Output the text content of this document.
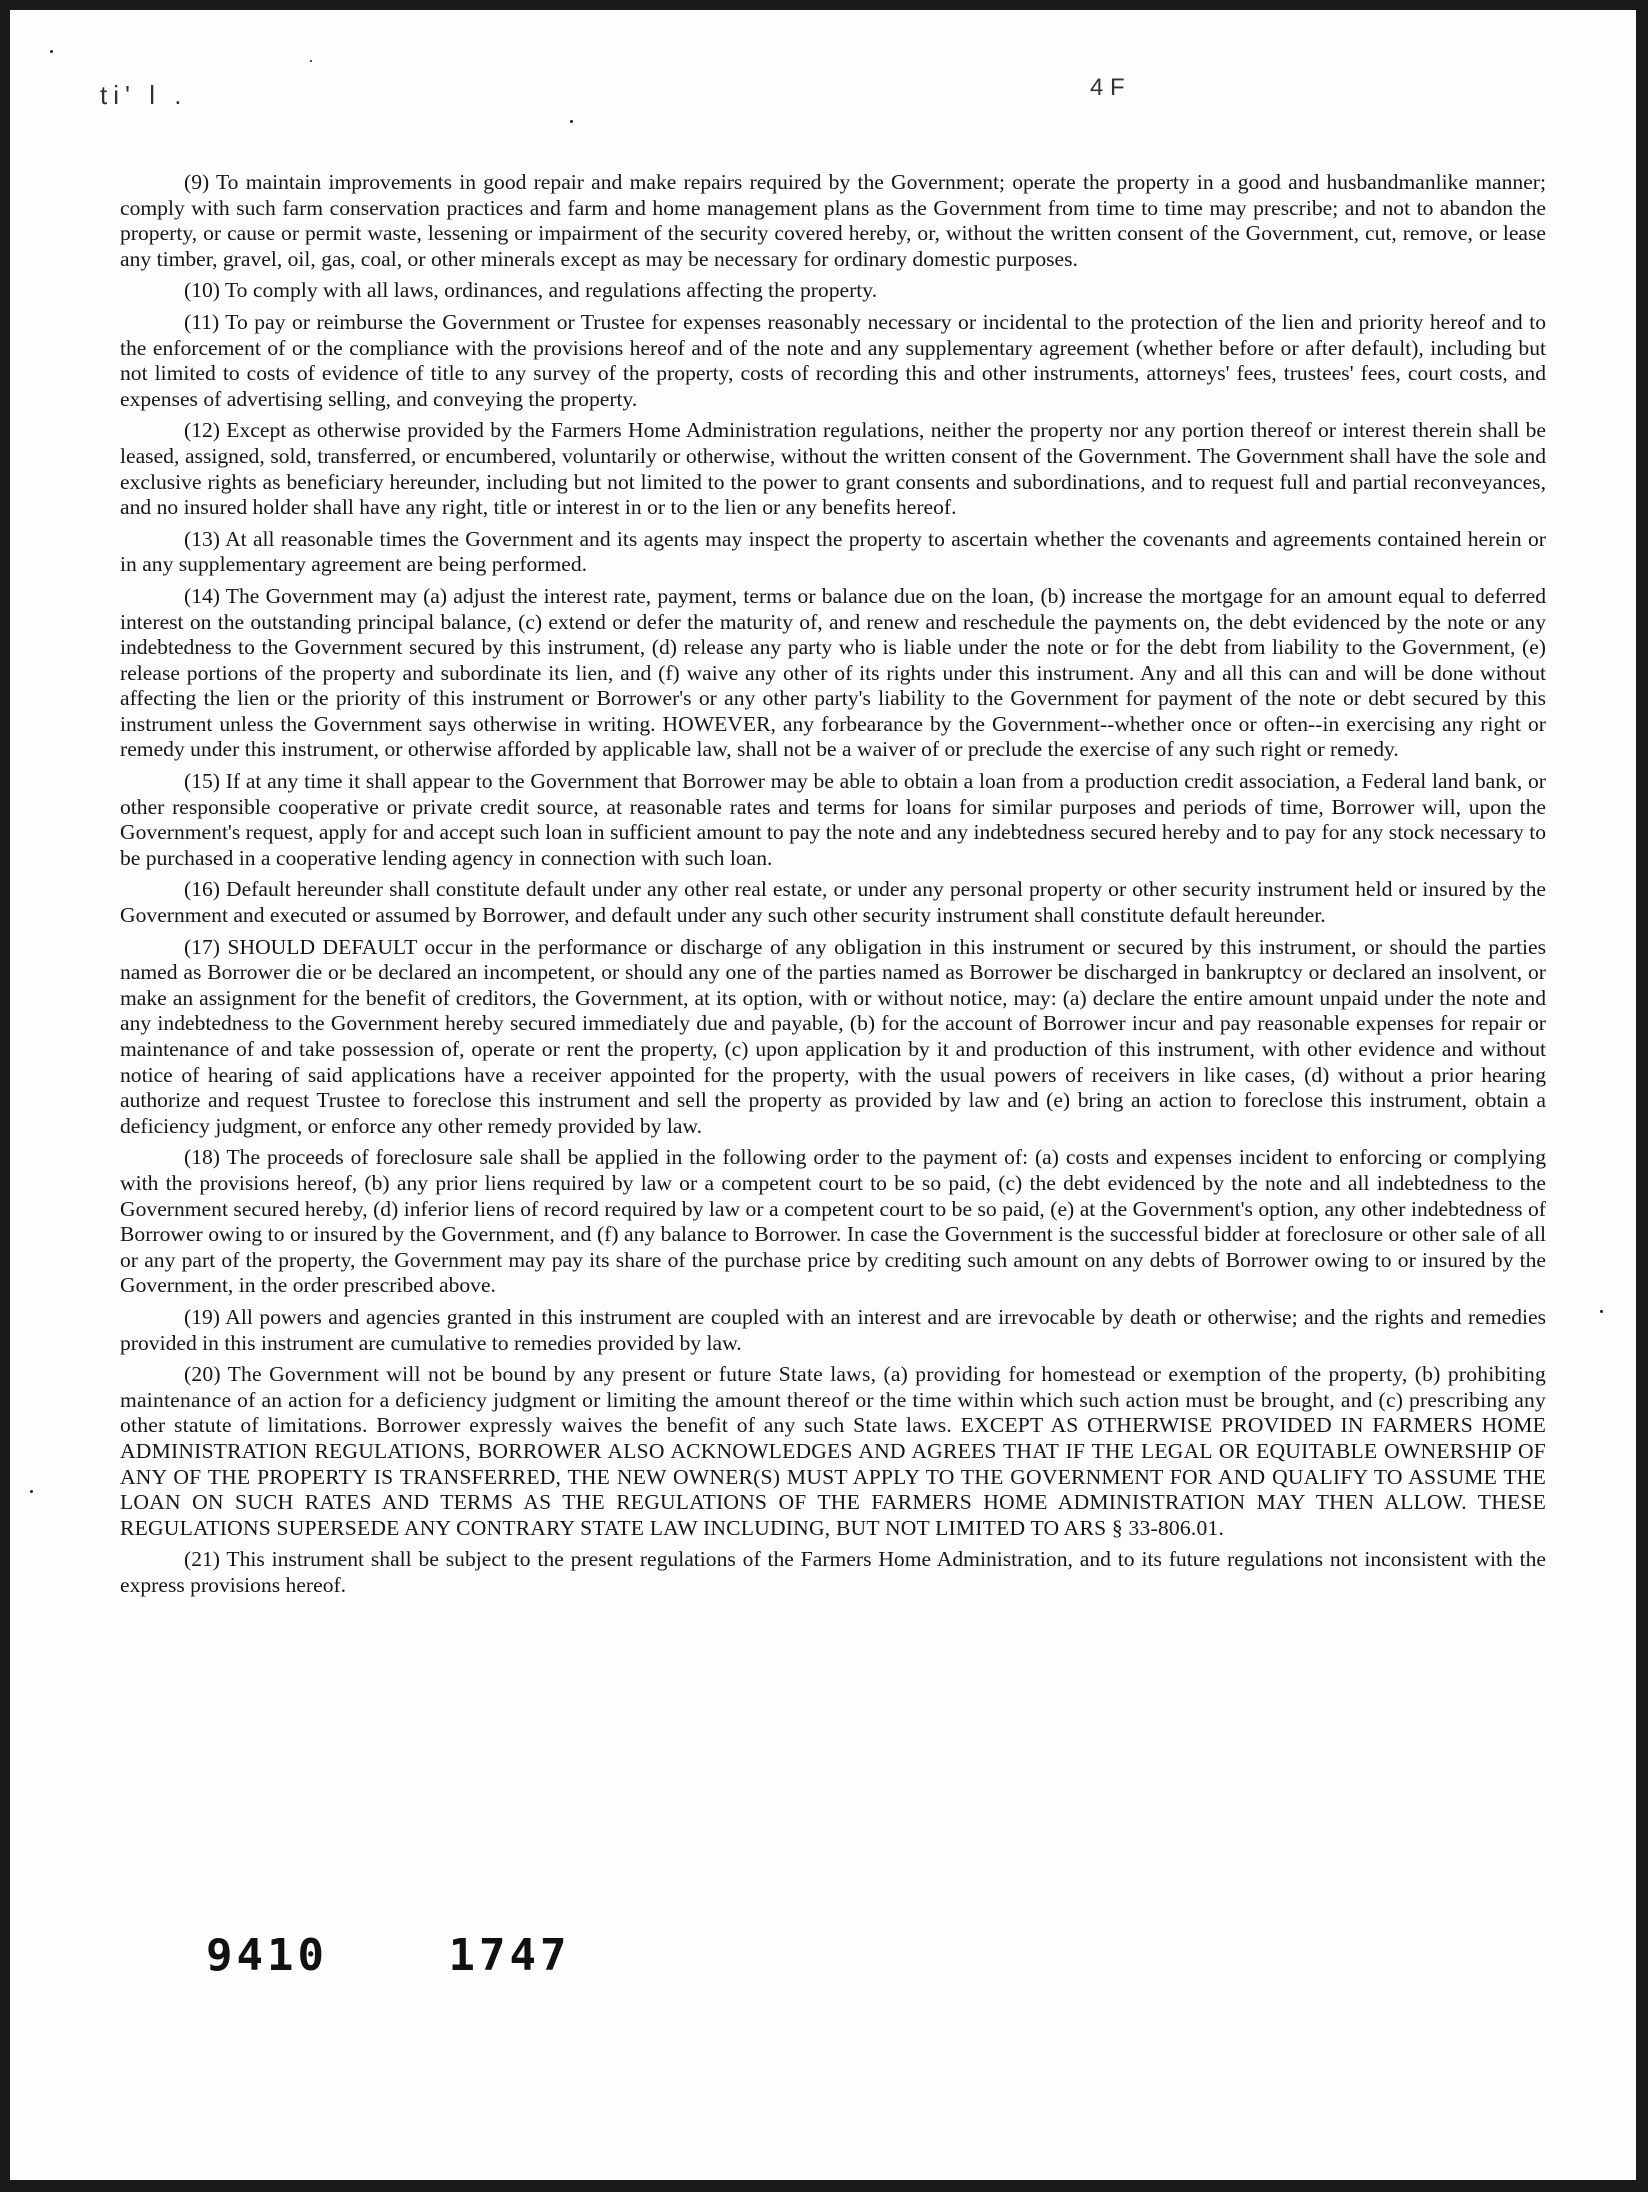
ti' l .	4 F

(9) To maintain improvements in good repair and make repairs required by the Government; operate the property in a good and husbandmanlike manner; comply with such farm conservation practices and farm and home management plans as the Government from time to time may prescribe; and not to abandon the property, or cause or permit waste, lessening or impairment of the security covered hereby, or, without the written consent of the Government, cut, remove, or lease any timber, gravel, oil, gas, coal, or other minerals except as may be necessary for ordinary domestic purposes.

(10) To comply with all laws, ordinances, and regulations affecting the property.

(11) To pay or reimburse the Government or Trustee for expenses reasonably necessary or incidental to the protection of the lien and priority hereof and to the enforcement of or the compliance with the provisions hereof and of the note and any supplementary agreement (whether before or after default), including but not limited to costs of evidence of title to any survey of the property, costs of recording this and other instruments, attorneys' fees, trustees' fees, court costs, and expenses of advertising selling, and conveying the property.

(12) Except as otherwise provided by the Farmers Home Administration regulations, neither the property nor any portion thereof or interest therein shall be leased, assigned, sold, transferred, or encumbered, voluntarily or otherwise, without the written consent of the Government. The Government shall have the sole and exclusive rights as beneficiary hereunder, including but not limited to the power to grant consents and subordinations, and to request full and partial reconveyances, and no insured holder shall have any right, title or interest in or to the lien or any benefits hereof.

(13) At all reasonable times the Government and its agents may inspect the property to ascertain whether the covenants and agreements contained herein or in any supplementary agreement are being performed.

(14) The Government may (a) adjust the interest rate, payment, terms or balance due on the loan, (b) increase the mortgage for an amount equal to deferred interest on the outstanding principal balance, (c) extend or defer the maturity of, and renew and reschedule the payments on, the debt evidenced by the note or any indebtedness to the Government secured by this instrument, (d) release any party who is liable under the note or for the debt from liability to the Government, (e) release portions of the property and subordinate its lien, and (f) waive any other of its rights under this instrument. Any and all this can and will be done without affecting the lien or the priority of this instrument or Borrower's or any other party's liability to the Government for payment of the note or debt secured by this instrument unless the Government says otherwise in writing. HOWEVER, any forbearance by the Government--whether once or often--in exercising any right or remedy under this instrument, or otherwise afforded by applicable law, shall not be a waiver of or preclude the exercise of any such right or remedy.

(15) If at any time it shall appear to the Government that Borrower may be able to obtain a loan from a production credit association, a Federal land bank, or other responsible cooperative or private credit source, at reasonable rates and terms for loans for similar purposes and periods of time, Borrower will, upon the Government's request, apply for and accept such loan in sufficient amount to pay the note and any indebtedness secured hereby and to pay for any stock necessary to be purchased in a cooperative lending agency in connection with such loan.

(16) Default hereunder shall constitute default under any other real estate, or under any personal property or other security instrument held or insured by the Government and executed or assumed by Borrower, and default under any such other security instrument shall constitute default hereunder.

(17) SHOULD DEFAULT occur in the performance or discharge of any obligation in this instrument or secured by this instrument, or should the parties named as Borrower die or be declared an incompetent, or should any one of the parties named as Borrower be discharged in bankruptcy or declared an insolvent, or make an assignment for the benefit of creditors, the Government, at its option, with or without notice, may: (a) declare the entire amount unpaid under the note and any indebtedness to the Government hereby secured immediately due and payable, (b) for the account of Borrower incur and pay reasonable expenses for repair or maintenance of and take possession of, operate or rent the property, (c) upon application by it and production of this instrument, with other evidence and without notice of hearing of said applications have a receiver appointed for the property, with the usual powers of receivers in like cases, (d) without a prior hearing authorize and request Trustee to foreclose this instrument and sell the property as provided by law and (e) bring an action to foreclose this instrument, obtain a deficiency judgment, or enforce any other remedy provided by law.

(18) The proceeds of foreclosure sale shall be applied in the following order to the payment of: (a) costs and expenses incident to enforcing or complying with the provisions hereof, (b) any prior liens required by law or a competent court to be so paid, (c) the debt evidenced by the note and all indebtedness to the Government secured hereby, (d) inferior liens of record required by law or a competent court to be so paid, (e) at the Government's option, any other indebtedness of Borrower owing to or insured by the Government, and (f) any balance to Borrower. In case the Government is the successful bidder at foreclosure or other sale of all or any part of the property, the Government may pay its share of the purchase price by crediting such amount on any debts of Borrower owing to or insured by the Government, in the order prescribed above.

(19) All powers and agencies granted in this instrument are coupled with an interest and are irrevocable by death or otherwise; and the rights and remedies provided in this instrument are cumulative to remedies provided by law.

(20) The Government will not be bound by any present or future State laws, (a) providing for homestead or exemption of the property, (b) prohibiting maintenance of an action for a deficiency judgment or limiting the amount thereof or the time within which such action must be brought, and (c) prescribing any other statute of limitations. Borrower expressly waives the benefit of any such State laws. EXCEPT AS OTHERWISE PROVIDED IN FARMERS HOME ADMINISTRATION REGULATIONS, BORROWER ALSO ACKNOWLEDGES AND AGREES THAT IF THE LEGAL OR EQUITABLE OWNERSHIP OF ANY OF THE PROPERTY IS TRANSFERRED, THE NEW OWNER(S) MUST APPLY TO THE GOVERNMENT FOR AND QUALIFY TO ASSUME THE LOAN ON SUCH RATES AND TERMS AS THE REGULATIONS OF THE FARMERS HOME ADMINISTRATION MAY THEN ALLOW. THESE REGULATIONS SUPERSEDE ANY CONTRARY STATE LAW INCLUDING, BUT NOT LIMITED TO ARS § 33-806.01.

(21) This instrument shall be subject to the present regulations of the Farmers Home Administration, and to its future regulations not inconsistent with the express provisions hereof.

9410	1747
